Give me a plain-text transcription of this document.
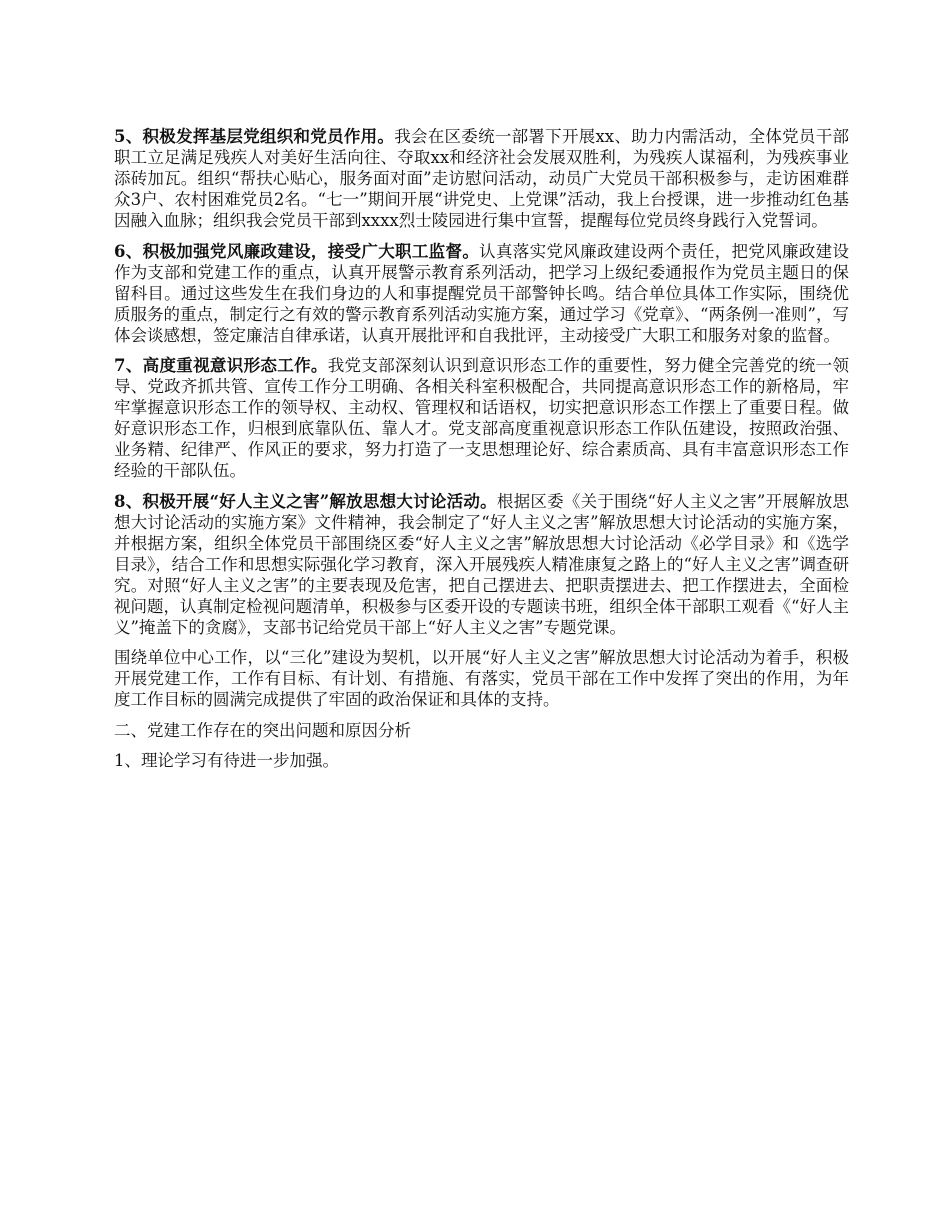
5、积极发挥基层党组织和党员作用。我会在区委统一部署下开展xx、助力内需活动，全体党员干部职工立足满足残疾人对美好生活向往、夺取xx和经济社会发展双胜利，为残疾人谋福利，为残疾事业添砖加瓦。组织“帮扶心贴心，服务面对面”走访慰问活动，动员广大党员干部积极参与，走访困难群众3户、农村困难党员2名。“七一”期间开展“讲党史、上党课”活动，我上台授课，进一步推动红色基因融入血脉；组织我会党员干部到xxxx烈士陵园进行集中宣誓，提醒每位党员终身践行入党誓词。

6、积极加强党风廉政建设，接受广大职工监督。认真落实党风廉政建设两个责任，把党风廉政建设作为支部和党建工作的重点，认真开展警示教育系列活动，把学习上级纪委通报作为党员主题日的保留科目。通过这些发生在我们身边的人和事提醒党员干部警钟长鸣。结合单位具体工作实际，围绕优质服务的重点，制定行之有效的警示教育系列活动实施方案，通过学习《党章》、“两条例一准则”，写体会谈感想，签定廉洁自律承诺，认真开展批评和自我批评，主动接受广大职工和服务对象的监督。

7、高度重视意识形态工作。我党支部深刻认识到意识形态工作的重要性，努力健全完善党的统一领导、党政齐抓共管、宣传工作分工明确、各相关科室积极配合，共同提高意识形态工作的新格局，牢牢掌握意识形态工作的领导权、主动权、管理权和话语权，切实把意识形态工作摆上了重要日程。做好意识形态工作，归根到底靠队伍、靠人才。党支部高度重视意识形态工作队伍建设，按照政治强、业务精、纪律严、作风正的要求，努力打造了一支思想理论好、综合素质高、具有丰富意识形态工作经验的干部队伍。

8、积极开展“好人主义之害”解放思想大讨论活动。根据区委《关于围绕“好人主义之害”开展解放思想大讨论活动的实施方案》文件精神，我会制定了“好人主义之害”解放思想大讨论活动的实施方案，并根据方案，组织全体党员干部围绕区委“好人主义之害”解放思想大讨论活动《必学目录》和《选学目录》，结合工作和思想实际强化学习教育，深入开展残疾人精准康复之路上的“好人主义之害”调查研究。对照“好人主义之害”的主要表现及危害，把自己摆进去、把职责摆进去、把工作摆进去，全面检视问题，认真制定检视问题清单，积极参与区委开设的专题读书班，组织全体干部职工观看《“好人主义”掩盖下的贪腐》，支部书记给党员干部上“好人主义之害”专题党课。

围绕单位中心工作，以“三化”建设为契机，以开展“好人主义之害”解放思想大讨论活动为着手，积极开展党建工作，工作有目标、有计划、有措施、有落实，党员干部在工作中发挥了突出的作用，为年度工作目标的圆满完成提供了牢固的政治保证和具体的支持。

二、党建工作存在的突出问题和原因分析

1、理论学习有待进一步加强。
